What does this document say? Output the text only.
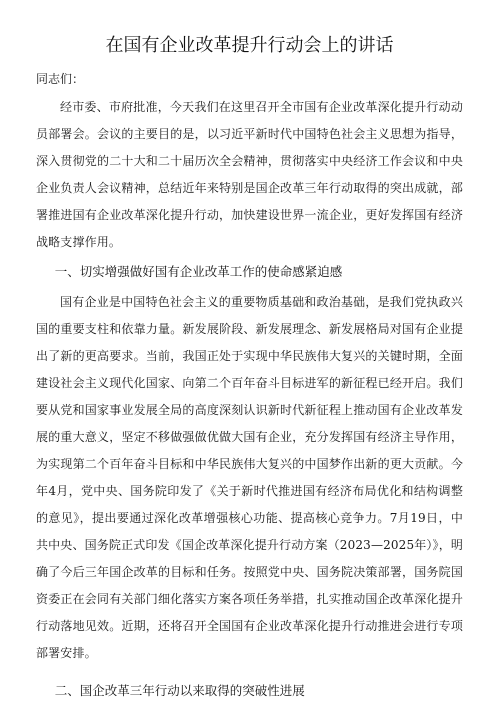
在国有企业改革提升行动会上的讲话

同志们：

经市委、市府批准，今天我们在这里召开全市国有企业改革深化提升行动动员部署会。会议的主要目的是，以习近平新时代中国特色社会主义思想为指导，深入贯彻党的二十大和二十届历次全会精神，贯彻落实中央经济工作会议和中央企业负责人会议精神，总结近年来特别是国企改革三年行动取得的突出成就，部署推进国有企业改革深化提升行动，加快建设世界一流企业，更好发挥国有经济战略支撑作用。

一、切实增强做好国有企业改革工作的使命感紧迫感

国有企业是中国特色社会主义的重要物质基础和政治基础，是我们党执政兴国的重要支柱和依靠力量。新发展阶段、新发展理念、新发展格局对国有企业提出了新的更高要求。当前，我国正处于实现中华民族伟大复兴的关键时期，全面建设社会主义现代化国家、向第二个百年奋斗目标进军的新征程已经开启。我们要从党和国家事业发展全局的高度深刻认识新时代新征程上推动国有企业改革发展的重大意义，坚定不移做强做优做大国有企业，充分发挥国有经济主导作用，为实现第二个百年奋斗目标和中华民族伟大复兴的中国梦作出新的更大贡献。今年4月，党中央、国务院印发了《关于新时代推进国有经济布局优化和结构调整的意见》，提出要通过深化改革增强核心功能、提高核心竞争力。7月19日，中共中央、国务院正式印发《国企改革深化提升行动方案（2023—2025年）》，明确了今后三年国企改革的目标和任务。按照党中央、国务院决策部署，国务院国资委正在会同有关部门细化落实方案各项任务举措，扎实推动国企改革深化提升行动落地见效。近期，还将召开全国国有企业改革深化提升行动推进会进行专项部署安排。

二、国企改革三年行动以来取得的突破性进展
